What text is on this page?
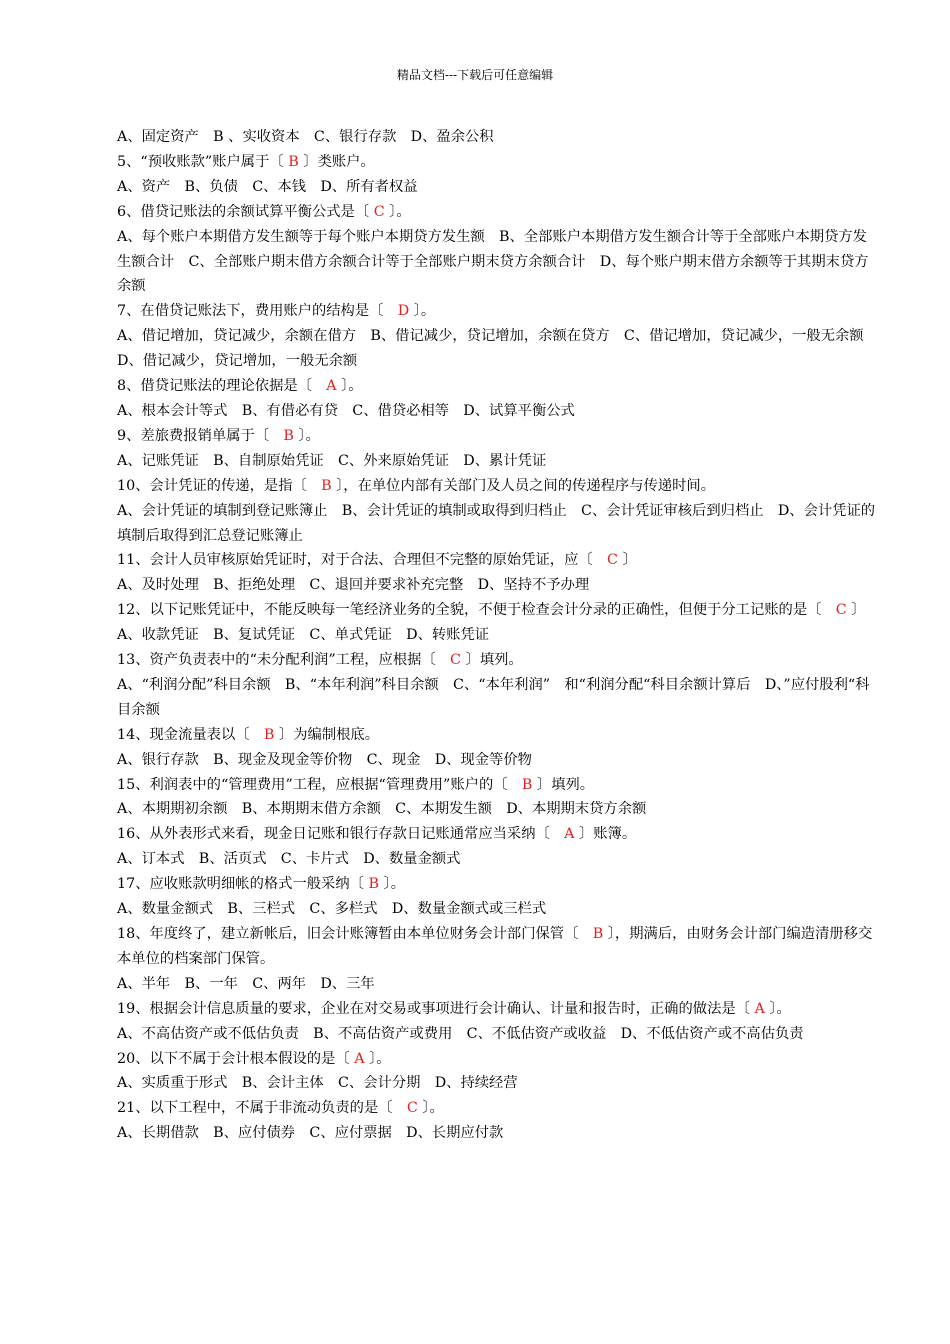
精品文档---下载后可任意编辑

A、固定资产　B 、实收资本　C、银行存款　D、盈余公积

5、“预收账款”账户属于〔 B 〕类账户。

A、资产　B、负债　C、本钱　D、所有者权益

6、借贷记账法的余额试算平衡公式是〔 C 〕。

A、每个账户本期借方发生额等于每个账户本期贷方发生额　B、全部账户本期借方发生额合计等于全部账户本期贷方发生额合计　C、全部账户期末借方余额合计等于全部账户期末贷方余额合计　D、每个账户期末借方余额等于其期末贷方余额

7、在借贷记账法下，费用账户的结构是〔　D 〕。

A、借记增加，贷记减少，余额在借方　B、借记减少，贷记增加，余额在贷方　C、借记增加，贷记减少，一般无余额　D、借记减少，贷记增加，一般无余额

8、借贷记账法的理论依据是〔　A 〕。

A、根本会计等式　B、有借必有贷　C、借贷必相等　D、试算平衡公式

9、差旅费报销单属于〔　B 〕。

A、记账凭证　B、自制原始凭证　C、外来原始凭证　D、累计凭证

10、会计凭证的传递，是指〔　B 〕，在单位内部有关部门及人员之间的传递程序与传递时间。

A、会计凭证的填制到登记账簿止　B、会计凭证的填制或取得到归档止　C、会计凭证审核后到归档止　D、会计凭证的填制后取得到汇总登记账簿止

11、会计人员审核原始凭证时，对于合法、合理但不完整的原始凭证，应〔　C 〕

A、及时处理　B、拒绝处理　C、退回并要求补充完整　D、坚持不予办理

12、以下记账凭证中，不能反映每一笔经济业务的全貌，不便于检查会计分录的正确性，但便于分工记账的是〔　C 〕

A、收款凭证　B、复试凭证　C、单式凭证　D、转账凭证

13、资产负责表中的“未分配利润”工程，应根据〔　C 〕填列。

A、“利润分配”科目余额　B、“本年利润”科目余额　C、“本年利润”　和“利润分配“科目余额计算后　D、”应付股利“科目余额

14、现金流量表以〔　B 〕为编制根底。

A、银行存款　B、现金及现金等价物　C、现金　D、现金等价物

15、利润表中的“管理费用”工程，应根据“管理费用”账户的〔　B 〕填列。

A、本期期初余额　B、本期期末借方余额　C、本期发生额　D、本期期末贷方余额

16、从外表形式来看，现金日记账和银行存款日记账通常应当采纳〔　A 〕账簿。

A、订本式　B、活页式　C、卡片式　D、数量金额式

17、应收账款明细帐的格式一般采纳〔 B 〕。

A、数量金额式　B、三栏式　C、多栏式　D、数量金额式或三栏式

18、年度终了，建立新帐后，旧会计账簿暂由本单位财务会计部门保管〔　B 〕，期满后，由财务会计部门编造清册移交本单位的档案部门保管。

A、半年　B、一年　C、两年　D、三年

19、根据会计信息质量的要求，企业在对交易或事项进行会计确认、计量和报告时，正确的做法是〔 A 〕。

A、不高估资产或不低估负责　B、不高估资产或费用　C、不低估资产或收益　D、不低估资产或不高估负责

20、以下不属于会计根本假设的是〔 A 〕。

A、实质重于形式　B、会计主体　C、会计分期　D、持续经营

21、以下工程中，不属于非流动负责的是〔　C 〕。

A、长期借款　B、应付债券　C、应付票据　D、长期应付款
